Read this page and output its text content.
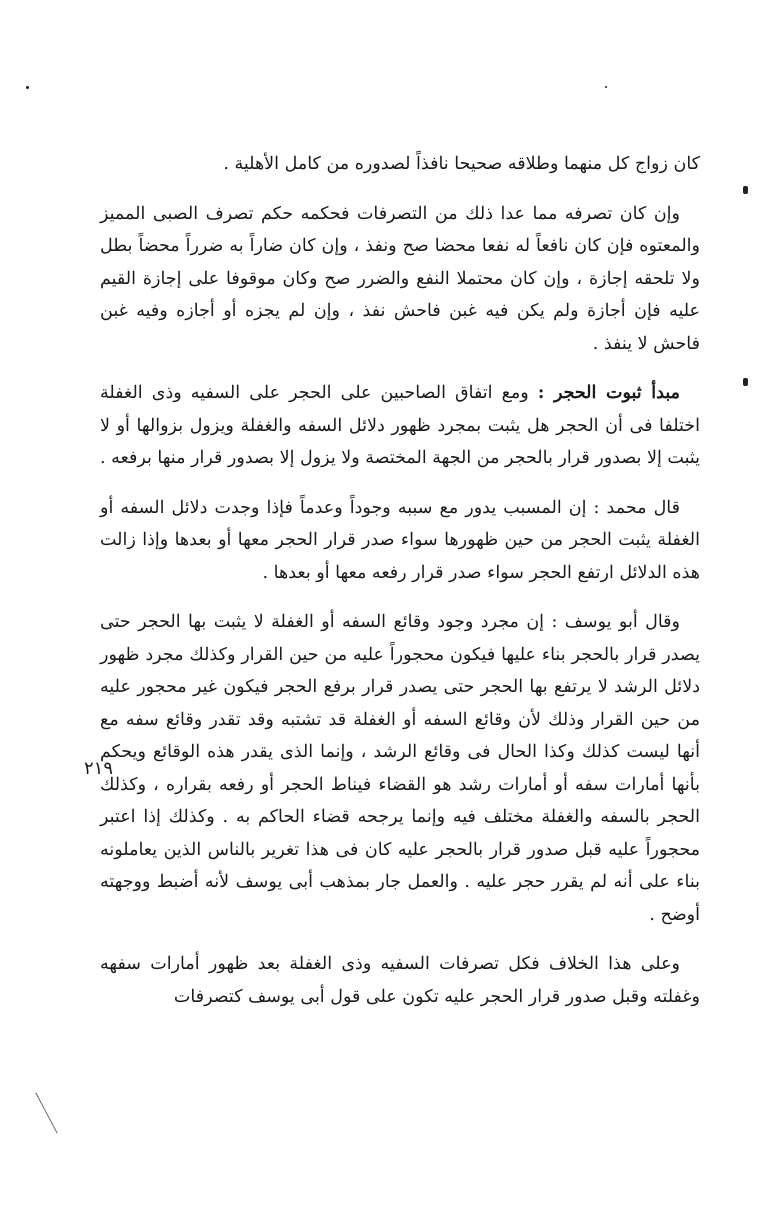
كان زواج كل منهما وطلاقه صحيحا نافذاً لصدوره من كامل الأهلية .

وإن كان تصرفه مما عدا ذلك من التصرفات فحكمه حكم تصرف الصبى المميز والمعتوه فإن كان نافعاً له نفعا محضا صح ونفذ ، وإن كان ضاراً به ضرراً محضاً بطل ولا تلحقه إجازة ، وإن كان محتملا النفع والضرر صح وكان موقوفا على إجازة القيم عليه فإن أجازة ولم يكن فيه غبن فاحش نفذ ، وإن لم يجزه أو أجازه وفيه غبن فاحش لا ينفذ .

مبدأ ثبوت الحجر : ومع اتفاق الصاحبين على الحجر على السفيه وذى الغفلة اختلفا فى أن الحجر هل يثبت بمجرد ظهور دلائل السفه والغفلة ويزول بزوالها أو لا يثبت إلا بصدور قرار بالحجر من الجهة المختصة ولا يزول إلا بصدور قرار منها برفعه .

قال محمد : إن المسبب يدور مع سببه وجوداً وعدماً فإذا وجدت دلائل السفه أو الغفلة يثبت الحجر من حين ظهورها سواء صدر قرار الحجر معها أو بعدها وإذا زالت هذه الدلائل ارتفع الحجر سواء صدر قرار رفعه معها أو بعدها .

وقال أبو يوسف : إن مجرد وجود وقائع السفه أو الغفلة لا يثبت بها الحجر حتى يصدر قرار بالحجر بناء عليها فيكون محجوراً عليه من حين القرار وكذلك مجرد ظهور دلائل الرشد لا يرتفع بها الحجر حتى يصدر قرار برفع الحجر فيكون غير محجور عليه من حين القرار وذلك لأن وقائع السفه أو الغفلة قد تشتبه وقد تقدر وقائع سفه مع أنها ليست كذلك وكذا الحال فى وقائع الرشد ، وإنما الذى يقدر هذه الوقائع ويحكم بأنها أمارات سفه أو أمارات رشد هو القضاء فيناط الحجر أو رفعه بقراره ، وكذلك الحجر بالسفه والغفلة مختلف فيه وإنما يرجحه قضاء الحاكم به . وكذلك إذا اعتبر محجوراً عليه قبل صدور قرار بالحجر عليه كان فى هذا تغرير بالناس الذين يعاملونه بناء على أنه لم يقرر حجر عليه . والعمل جار بمذهب أبى يوسف لأنه أضبط ووجهته أوضح .

وعلى هذا الخلاف فكل تصرفات السفيه وذى الغفلة بعد ظهور أمارات سفهه وغفلته وقبل صدور قرار الحجر عليه تكون على قول أبى يوسف كتصرفات

٢١٩
